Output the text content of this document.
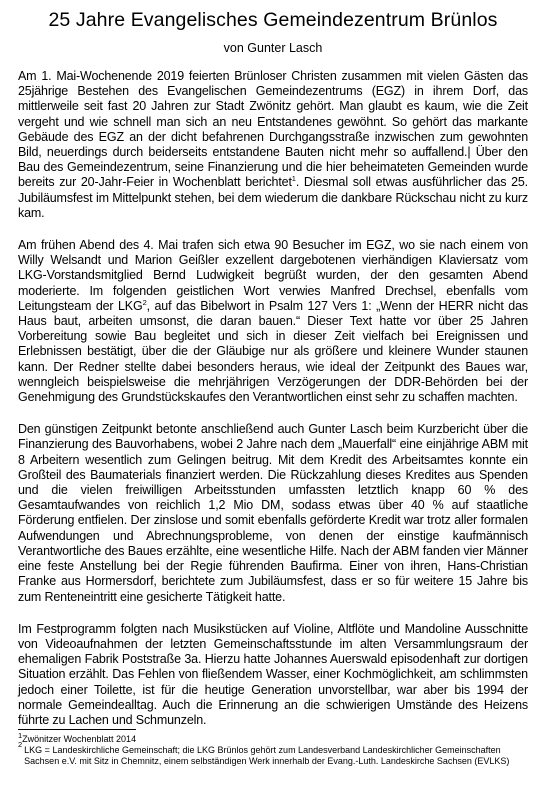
25 Jahre Evangelisches Gemeindezentrum Brünlos
von Gunter Lasch

Am 1. Mai-Wochenende 2019 feierten Brünloser Christen zusammen mit vielen Gästen das 25jährige Bestehen des Evangelischen Gemeindezentrums (EGZ) in ihrem Dorf, das mittlerweile seit fast 20 Jahren zur Stadt Zwönitz gehört. Man glaubt es kaum, wie die Zeit vergeht und wie schnell man sich an neu Entstandenes gewöhnt. So gehört das markante Gebäude des EGZ an der dicht befahrenen Durchgangsstraße inzwischen zum gewohnten Bild, neuerdings durch beiderseits entstandene Bauten nicht mehr so auffallend.| Über den Bau des Gemeindezentrum, seine Finanzierung und die hier beheimateten Gemeinden wurde bereits zur 20-Jahr-Feier in Wochenblatt berichtet$^1$. Diesmal soll etwas ausführlicher das 25. Jubiläumsfest im Mittelpunkt stehen, bei dem wiederum die dankbare Rückschau nicht zu kurz kam.

Am frühen Abend des 4. Mai trafen sich etwa 90 Besucher im EGZ, wo sie nach einem von Willy Welsandt und Marion Geißler exzellent dargebotenen vierhändigen Klaviersatz vom LKG-Vorstandsmitglied Bernd Ludwigkeit begrüßt wurden, der den gesamten Abend moderierte. Im folgenden geistlichen Wort verwies Manfred Drechsel, ebenfalls vom Leitungsteam der LKG$^2$, auf das Bibelwort in Psalm 127 Vers 1: „Wenn der HERR nicht das Haus baut, arbeiten umsonst, die daran bauen.“ Dieser Text hatte vor über 25 Jahren Vorbereitung sowie Bau begleitet und sich in dieser Zeit vielfach bei Ereignissen und Erlebnissen bestätigt, über die der Gläubige nur als größere und kleinere Wunder staunen kann. Der Redner stellte dabei besonders heraus, wie ideal der Zeitpunkt des Baues war, wenngleich beispielsweise die mehrjährigen Verzögerungen der DDR-Behörden bei der Genehmigung des Grundstückskaufes den Verantwortlichen einst sehr zu schaffen machten.

Den günstigen Zeitpunkt betonte anschließend auch Gunter Lasch beim Kurzbericht über die Finanzierung des Bauvorhabens, wobei 2 Jahre nach dem „Mauerfall“ eine einjährige ABM mit 8 Arbeitern wesentlich zum Gelingen beitrug. Mit dem Kredit des Arbeitsamtes konnte ein Großteil des Baumaterials finanziert werden. Die Rückzahlung dieses Kredites aus Spenden und die vielen freiwilligen Arbeitsstunden umfassten letztlich knapp 60 % des Gesamtaufwandes von reichlich 1,2 Mio DM, sodass etwas über 40 % auf staatliche Förderung entfielen. Der zinslose und somit ebenfalls geförderte Kredit war trotz aller formalen Aufwendungen und Abrechnungsprobleme, von denen der einstige kaufmännisch Verantwortliche des Baues erzählte, eine wesentliche Hilfe. Nach der ABM fanden vier Männer eine feste Anstellung bei der Regie führenden Baufirma. Einer von ihren, Hans-Christian Franke aus Hormersdorf, berichtete zum Jubiläumsfest, dass er so für weitere 15 Jahre bis zum Renteneintritt eine gesicherte Tätigkeit hatte.

Im Festprogramm folgten nach Musikstücken auf Violine, Altflöte und Mandoline Ausschnitte von Videoaufnahmen der letzten Gemeinschaftsstunde im alten Versammlungsraum der ehemaligen Fabrik Poststraße 3a. Hierzu hatte Johannes Auerswald episodenhaft zur dortigen Situation erzählt. Das Fehlen von fließendem Wasser, einer Kochmöglichkeit, am schlimmsten jedoch einer Toilette, ist für die heutige Generation unvorstellbar, war aber bis 1994 der normale Gemeindealltag. Auch die Erinnerung an die schwierigen Umstände des Heizens führte zu Lachen und Schmunzeln.

$^1$Zwönitzer Wochenblatt 2014
2
LKG = Landeskirchliche Gemeinschaft; die LKG Brünlos gehört zum Landesverband Landeskirchlicher Gemeinschaften Sachsen e.V. mit Sitz in Chemnitz, einem selbständigen Werk innerhalb der Evang.-Luth. Landeskirche Sachsen (EVLKS)
